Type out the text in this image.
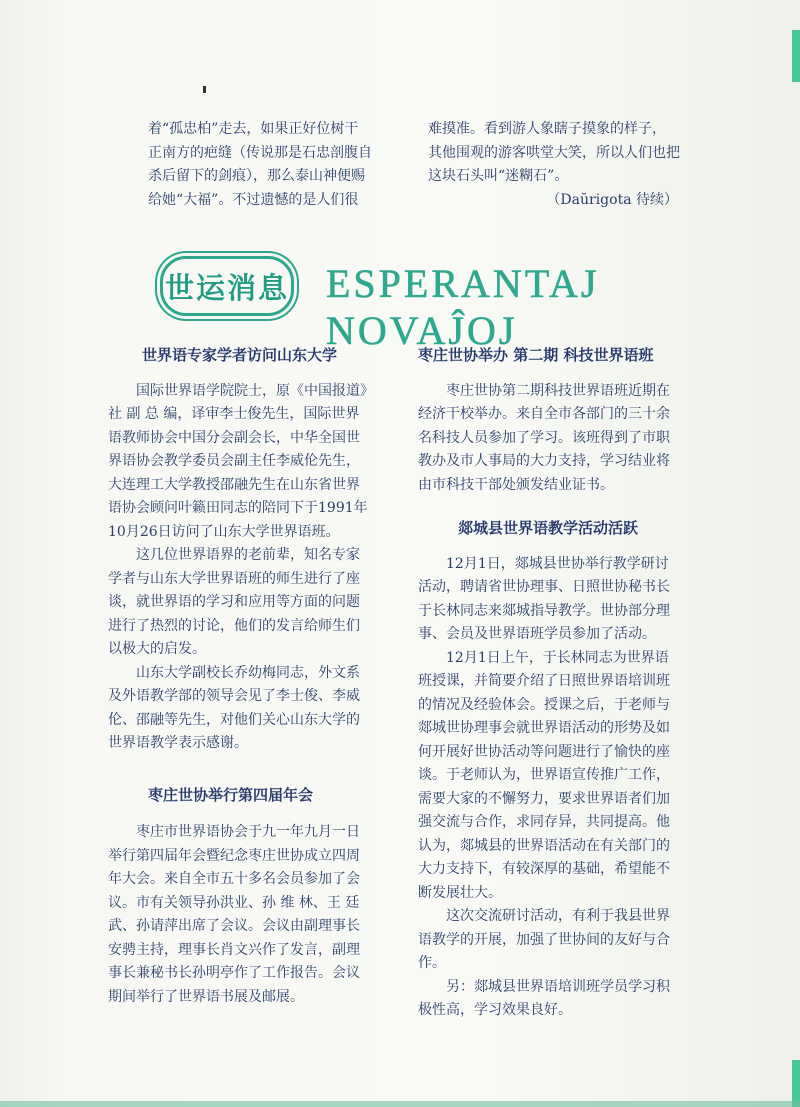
着“孤忠柏”走去，如果正好位树干
正南方的疤缝（传说那是石忠剖腹自
杀后留下的剑痕），那么泰山神便赐
给她“大福”。不过遗憾的是人们很
难摸准。看到游人象瞎子摸象的样子，
其他围观的游客哄堂大笑，所以人们也把
这块石头叫“迷糊石”。

（Daŭrigota 待续）

世运消息 ESPERANTAJ NOVAĴOJ
世界语专家学者访问山东大学
国际世界语学院院士，原《中国报道》
社 副 总 编，译审李士俊先生，国际世界
语教师协会中国分会副会长，中华全国世
界语协会教学委员会副主任李威伦先生，
大连理工大学教授邵融先生在山东省世界
语协会顾问叶籁田同志的陪同下于1991年
10月26日访问了山东大学世界语班。
这几位世界语界的老前辈，知名专家
学者与山东大学世界语班的师生进行了座
谈，就世界语的学习和应用等方面的问题
进行了热烈的讨论，他们的发言给师生们
以极大的启发。
山东大学副校长乔幼梅同志，外文系
及外语教学部的领导会见了李士俊、李威
伦、邵融等先生，对他们关心山东大学的
世界语教学表示感谢。
枣庄世协举行第四届年会
枣庄市世界语协会于九一年九月一日
举行第四届年会暨纪念枣庄世协成立四周
年大会。来自全市五十多名会员参加了会
议。市有关领导孙洪业、孙 维 林、王 廷
武、孙请萍出席了会议。会议由副理事长
安骋主持，理事长肖文兴作了发言，副理
事长兼秘书长孙明亭作了工作报告。会议
期间举行了世界语书展及邮展。
枣庄世协举办 第二期 科技世界语班
枣庄世协第二期科技世界语班近期在
经济干校举办。来自全市各部门的三十余
名科技人员参加了学习。该班得到了市职
教办及市人事局的大力支持，学习结业将
由市科技干部处颁发结业证书。
郯城县世界语教学活动活跃
12月1日，郯城县世协举行教学研讨
活动，聘请省世协理事、日照世协秘书长
于长林同志来郯城指导教学。世协部分理
事、会员及世界语班学员参加了活动。
12月1日上午，于长林同志为世界语
班授课，并简要介绍了日照世界语培训班
的情况及经验体会。授课之后，于老师与
郯城世协理事会就世界语活动的形势及如
何开展好世协活动等问题进行了愉快的座
谈。于老师认为，世界语宣传推广工作，
需要大家的不懈努力，要求世界语者们加
强交流与合作，求同存异，共同提高。他
认为，郯城县的世界语活动在有关部门的
大力支持下，有较深厚的基础，希望能不
断发展壮大。
这次交流研讨活动，有利于我县世界
语教学的开展，加强了世协间的友好与合
作。
另：郯城县世界语培训班学员学习积
极性高，学习效果良好。
